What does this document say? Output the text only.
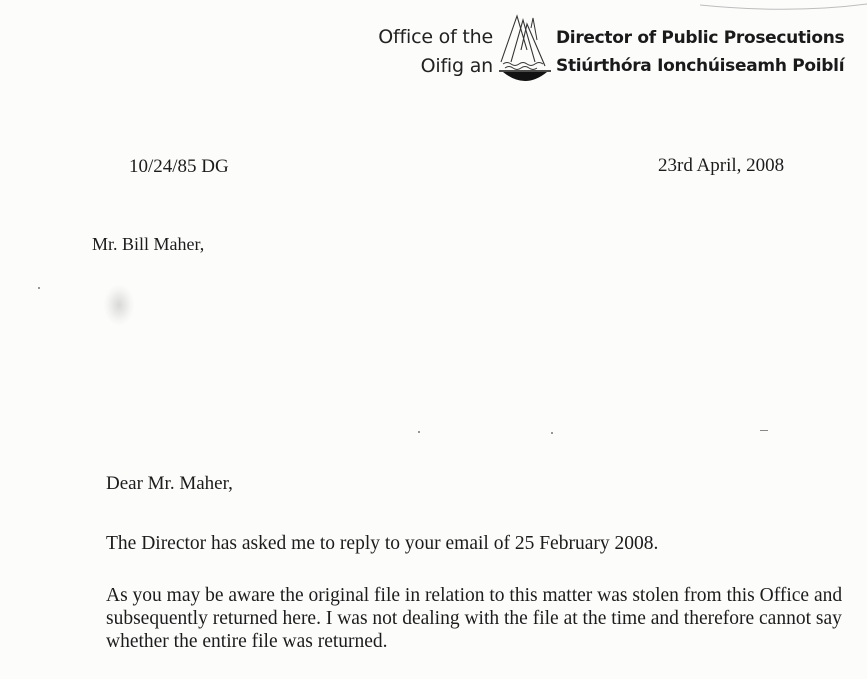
Office of the
Oifig an
Director of Public Prosecutions
Stiúrthóra Ionchúiseamh Poiblí
10/24/85 DG	23rd April, 2008
Mr. Bill Maher,
Dear Mr. Maher,
The Director has asked me to reply to your email of 25 February 2008.
As you may be aware the original file in relation to this matter was stolen from this Office and subsequently returned here. I was not dealing with the file at the time and therefore cannot say whether the entire file was returned.
